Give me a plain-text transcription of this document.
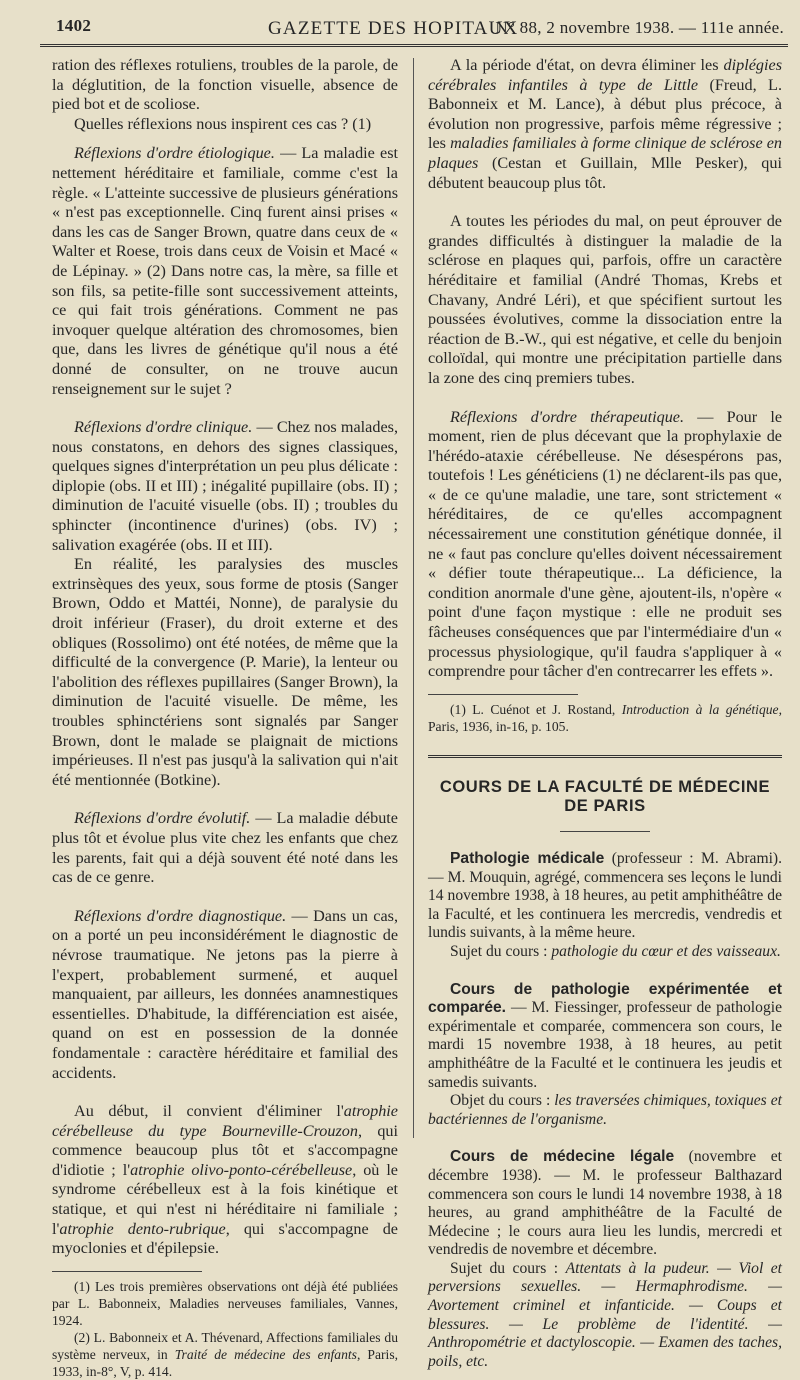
1402	GAZETTE DES HOPITAUX
N° 88, 2 novembre 1938. — 111e année.

ration des réflexes rotuliens, troubles de la parole, de la déglutition, de la fonction visuelle, absence de pied bot et de scoliose.

Quelles réflexions nous inspirent ces cas ? (1)

Réflexions d'ordre étiologique. — La maladie est nettement héréditaire et familiale, comme c'est la règle. « L'atteinte successive de plusieurs générations « n'est pas exceptionnelle. Cinq furent ainsi prises « dans les cas de Sanger Brown, quatre dans ceux de « Walter et Roese, trois dans ceux de Voisin et Macé « de Lépinay. » (2) Dans notre cas, la mère, sa fille et son fils, sa petite-fille sont successivement atteints, ce qui fait trois générations. Comment ne pas invoquer quelque altération des chromosomes, bien que, dans les livres de génétique qu'il nous a été donné de consulter, on ne trouve aucun renseignement sur le sujet ?

Réflexions d'ordre clinique. — Chez nos malades, nous constatons, en dehors des signes classiques, quelques signes d'interprétation un peu plus délicate : diplopie (obs. II et III) ; inégalité pupillaire (obs. II) ; diminution de l'acuité visuelle (obs. II) ; troubles du sphincter (incontinence d'urines) (obs. IV) ; salivation exagérée (obs. II et III).

En réalité, les paralysies des muscles extrinsèques des yeux, sous forme de ptosis (Sanger Brown, Oddo et Mattéi, Nonne), de paralysie du droit inférieur (Fraser), du droit externe et des obliques (Rossolimo) ont été notées, de même que la difficulté de la convergence (P. Marie), la lenteur ou l'abolition des réflexes pupillaires (Sanger Brown), la diminution de l'acuité visuelle. De même, les troubles sphinctériens sont signalés par Sanger Brown, dont le malade se plaignait de mictions impérieuses. Il n'est pas jusqu'à la salivation qui n'ait été mentionnée (Botkine).

Réflexions d'ordre évolutif. — La maladie débute plus tôt et évolue plus vite chez les enfants que chez les parents, fait qui a déjà souvent été noté dans les cas de ce genre.

Réflexions d'ordre diagnostique. — Dans un cas, on a porté un peu inconsidérément le diagnostic de névrose traumatique. Ne jetons pas la pierre à l'expert, probablement surmené, et auquel manquaient, par ailleurs, les données anamnestiques essentielles. D'habitude, la différenciation est aisée, quand on est en possession de la donnée fondamentale : caractère héréditaire et familial des accidents.

Au début, il convient d'éliminer l'atrophie cérébelleuse du type Bourneville-Crouzon, qui commence beaucoup plus tôt et s'accompagne d'idiotie ; l'atrophie olivo-ponto-cérébelleuse, où le syndrome cérébelleux est à la fois kinétique et statique, et qui n'est ni héréditaire ni familiale ; l'atrophie dento-rubrique, qui s'accompagne de myoclonies et d'épilepsie.

(1) Les trois premières observations ont déjà été publiées par L. Babonneix, Maladies nerveuses familiales, Vannes, 1924.

(2) L. Babonneix et A. Thévenard, Affections familiales du système nerveux, in Traité de médecine des enfants, Paris, 1933, in-8°, V, p. 414.

A la période d'état, on devra éliminer les diplégies cérébrales infantiles à type de Little (Freud, L. Babonneix et M. Lance), à début plus précoce, à évolution non progressive, parfois même régressive ; les maladies familiales à forme clinique de sclérose en plaques (Cestan et Guillain, Mlle Pesker), qui débutent beaucoup plus tôt.

A toutes les périodes du mal, on peut éprouver de grandes difficultés à distinguer la maladie de la sclérose en plaques qui, parfois, offre un caractère héréditaire et familial (André Thomas, Krebs et Chavany, André Léri), et que spécifient surtout les poussées évolutives, comme la dissociation entre la réaction de B.-W., qui est négative, et celle du benjoin colloïdal, qui montre une précipitation partielle dans la zone des cinq premiers tubes.

Réflexions d'ordre thérapeutique. — Pour le moment, rien de plus décevant que la prophylaxie de l'hérédo-ataxie cérébelleuse. Ne désespérons pas, toutefois ! Les généticiens (1) ne déclarent-ils pas que, « de ce qu'une maladie, une tare, sont strictement « héréditaires, de ce qu'elles accompagnent nécessairement une constitution génétique donnée, il ne « faut pas conclure qu'elles doivent nécessairement « défier toute thérapeutique... La déficience, la condition anormale d'une gène, ajoutent-ils, n'opère « point d'une façon mystique : elle ne produit ses fâcheuses conséquences que par l'intermédiaire d'un « processus physiologique, qu'il faudra s'appliquer à « comprendre pour tâcher d'en contrecarrer les effets ».

(1) L. Cuénot et J. Rostand, Introduction à la génétique, Paris, 1936, in-16, p. 105.

COURS DE LA FACULTÉ DE MÉDECINE DE PARIS

Pathologie médicale (professeur : M. Abrami). — M. Mouquin, agrégé, commencera ses leçons le lundi 14 novembre 1938, à 18 heures, au petit amphithéâtre de la Faculté, et les continuera les mercredis, vendredis et lundis suivants, à la même heure.

Sujet du cours : pathologie du cœur et des vaisseaux.

Cours de pathologie expérimentée et comparée. — M. Fiessinger, professeur de pathologie expérimentale et comparée, commencera son cours, le mardi 15 novembre 1938, à 18 heures, au petit amphithéâtre de la Faculté et le continuera les jeudis et samedis suivants.

Objet du cours : les traversées chimiques, toxiques et bactériennes de l'organisme.

Cours de médecine légale (novembre et décembre 1938). — M. le professeur Balthazard commencera son cours le lundi 14 novembre 1938, à 18 heures, au grand amphithéâtre de la Faculté de Médecine ; le cours aura lieu les lundis, mercredi et vendredis de novembre et décembre.

Sujet du cours : Attentats à la pudeur. — Viol et perversions sexuelles. — Hermaphrodisme. — Avortement criminel et infanticide. — Coups et blessures. — Le problème de l'identité. — Anthropométrie et dactyloscopie. — Examen des taches, poils, etc.
